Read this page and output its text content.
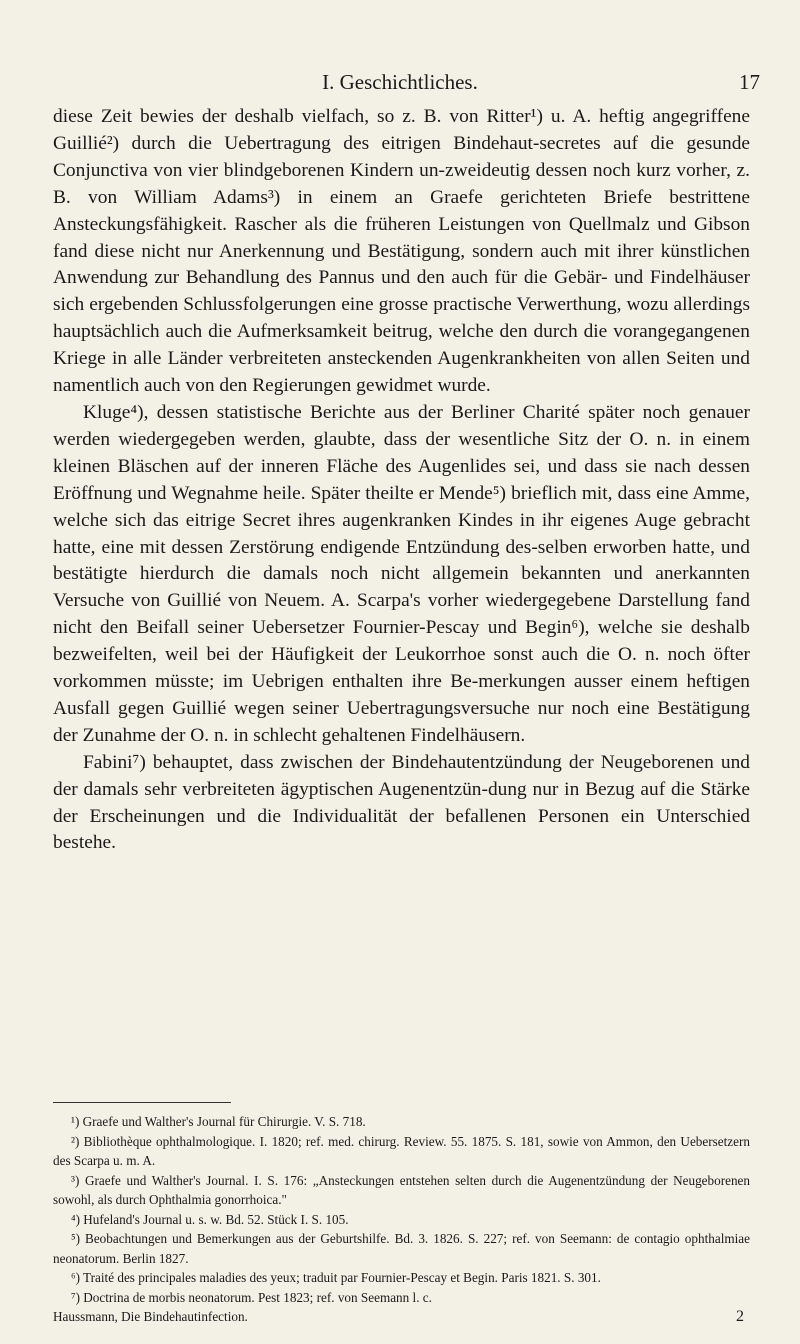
I. Geschichtliches.	17

diese Zeit bewies der deshalb vielfach, so z. B. von Ritter¹) u. A. heftig angegriffene Guillié²) durch die Uebertragung des eitrigen Bindehaut-secretes auf die gesunde Conjunctiva von vier blindgeborenen Kindern un-zweideutig dessen noch kurz vorher, z. B. von William Adams³) in einem an Graefe gerichteten Briefe bestrittene Ansteckungsfähigkeit. Rascher als die früheren Leistungen von Quellmalz und Gibson fand diese nicht nur Anerkennung und Bestätigung, sondern auch mit ihrer künstlichen Anwendung zur Behandlung des Pannus und den auch für die Gebär- und Findelhäuser sich ergebenden Schlussfolgerungen eine grosse practische Verwerthung, wozu allerdings hauptsächlich auch die Aufmerksamkeit beitrug, welche den durch die vorangegangenen Kriege in alle Länder verbreiteten ansteckenden Augenkrankheiten von allen Seiten und namentlich auch von den Regierungen gewidmet wurde.

Kluge⁴), dessen statistische Berichte aus der Berliner Charité später noch genauer werden wiedergegeben werden, glaubte, dass der wesentliche Sitz der O. n. in einem kleinen Bläschen auf der inneren Fläche des Augenlides sei, und dass sie nach dessen Eröffnung und Wegnahme heile. Später theilte er Mende⁵) brieflich mit, dass eine Amme, welche sich das eitrige Secret ihres augenkranken Kindes in ihr eigenes Auge gebracht hatte, eine mit dessen Zerstörung endigende Entzündung des-selben erworben hatte, und bestätigte hierdurch die damals noch nicht allgemein bekannten und anerkannten Versuche von Guillié von Neuem. A. Scarpa's vorher wiedergegebene Darstellung fand nicht den Beifall seiner Uebersetzer Fournier-Pescay und Begin⁶), welche sie deshalb bezweifelten, weil bei der Häufigkeit der Leukorrhoe sonst auch die O. n. noch öfter vorkommen müsste; im Uebrigen enthalten ihre Be-merkungen ausser einem heftigen Ausfall gegen Guillié wegen seiner Uebertragungsversuche nur noch eine Bestätigung der Zunahme der O. n. in schlecht gehaltenen Findelhäusern.

Fabini⁷) behauptet, dass zwischen der Bindehautentzündung der Neugeborenen und der damals sehr verbreiteten ägyptischen Augenentzün-dung nur in Bezug auf die Stärke der Erscheinungen und die Individualität der befallenen Personen ein Unterschied bestehe.

¹) Graefe und Walther's Journal für Chirurgie. V. S. 718.

²) Bibliothèque ophthalmologique. I. 1820; ref. med. chirurg. Review. 55. 1875. S. 181, sowie von Ammon, den Uebersetzern des Scarpa u. m. A.

³) Graefe und Walther's Journal. I. S. 176: „Ansteckungen entstehen selten durch die Augenentzündung der Neugeborenen sowohl, als durch Ophthalmia gonorrhoica."

⁴) Hufeland's Journal u. s. w. Bd. 52. Stück I. S. 105.

⁵) Beobachtungen und Bemerkungen aus der Geburtshilfe. Bd. 3. 1826. S. 227; ref. von Seemann: de contagio ophthalmiae neonatorum. Berlin 1827.

⁶) Traité des principales maladies des yeux; traduit par Fournier-Pescay et Begin. Paris 1821. S. 301.

⁷) Doctrina de morbis neonatorum. Pest 1823; ref. von Seemann l. c.

Haussmann, Die Bindehautinfection.	2
